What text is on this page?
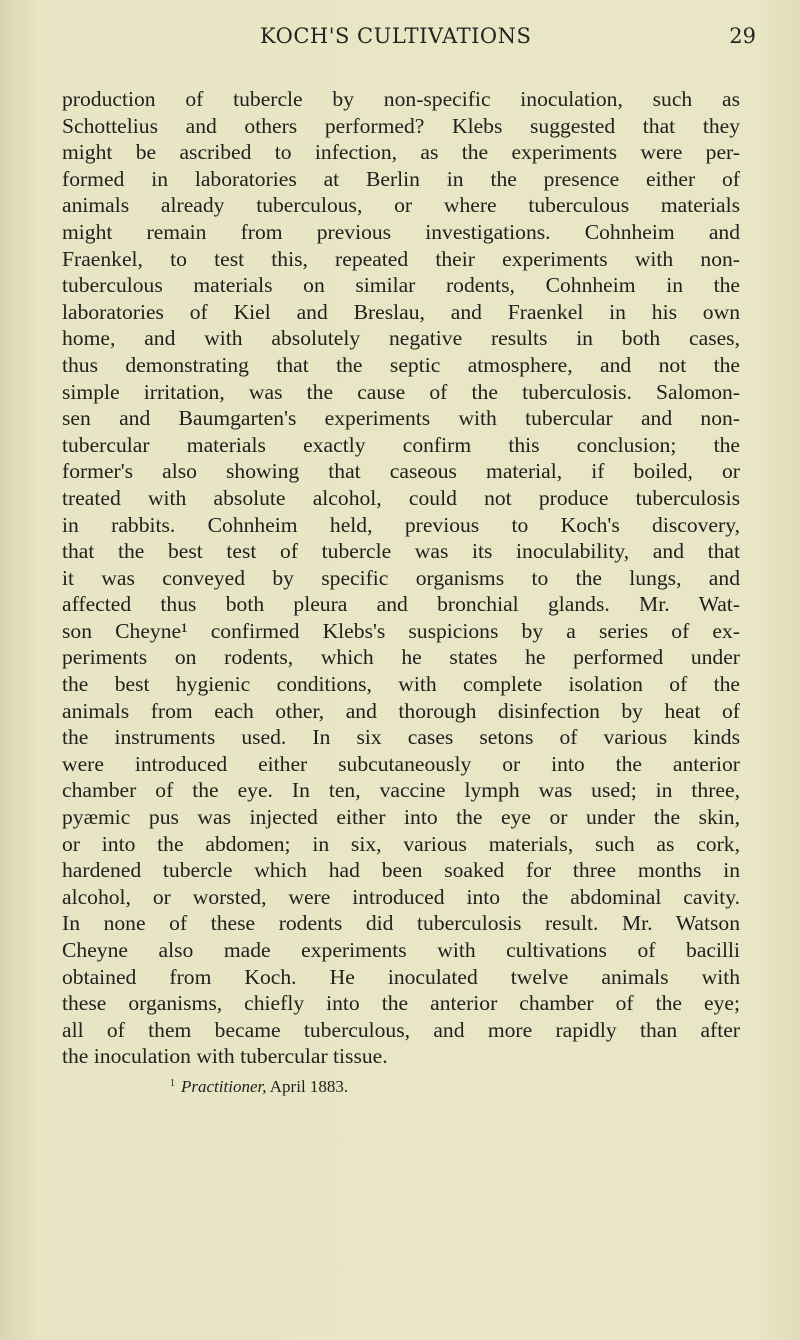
KOCH'S CULTIVATIONS	29
production of tubercle by non-specific inoculation, such as
Schottelius and others performed? Klebs suggested that they
might be ascribed to infection, as the experiments were per-
formed in laboratories at Berlin in the presence either of
animals already tuberculous, or where tuberculous materials
might remain from previous investigations. Cohnheim and
Fraenkel, to test this, repeated their experiments with non-
tuberculous materials on similar rodents, Cohnheim in the
laboratories of Kiel and Breslau, and Fraenkel in his own
home, and with absolutely negative results in both cases,
thus demonstrating that the septic atmosphere, and not the
simple irritation, was the cause of the tuberculosis. Salomon-
sen and Baumgarten's experiments with tubercular and non-
tubercular materials exactly confirm this conclusion; the
former's also showing that caseous material, if boiled, or
treated with absolute alcohol, could not produce tuberculosis
in rabbits. Cohnheim held, previous to Koch's discovery,
that the best test of tubercle was its inoculability, and that
it was conveyed by specific organisms to the lungs, and
affected thus both pleura and bronchial glands. Mr. Wat-
son Cheyne¹ confirmed Klebs's suspicions by a series of ex-
periments on rodents, which he states he performed under
the best hygienic conditions, with complete isolation of the
animals from each other, and thorough disinfection by heat of
the instruments used. In six cases setons of various kinds
were introduced either subcutaneously or into the anterior
chamber of the eye. In ten, vaccine lymph was used; in three,
pyæmic pus was injected either into the eye or under the skin,
or into the abdomen; in six, various materials, such as cork,
hardened tubercle which had been soaked for three months in
alcohol, or worsted, were introduced into the abdominal cavity.
In none of these rodents did tuberculosis result. Mr. Watson
Cheyne also made experiments with cultivations of bacilli
obtained from Koch. He inoculated twelve animals with
these organisms, chiefly into the anterior chamber of the eye;
all of them became tuberculous, and more rapidly than after
the inoculation with tubercular tissue.
$^1$ Practitioner, April 1883.
